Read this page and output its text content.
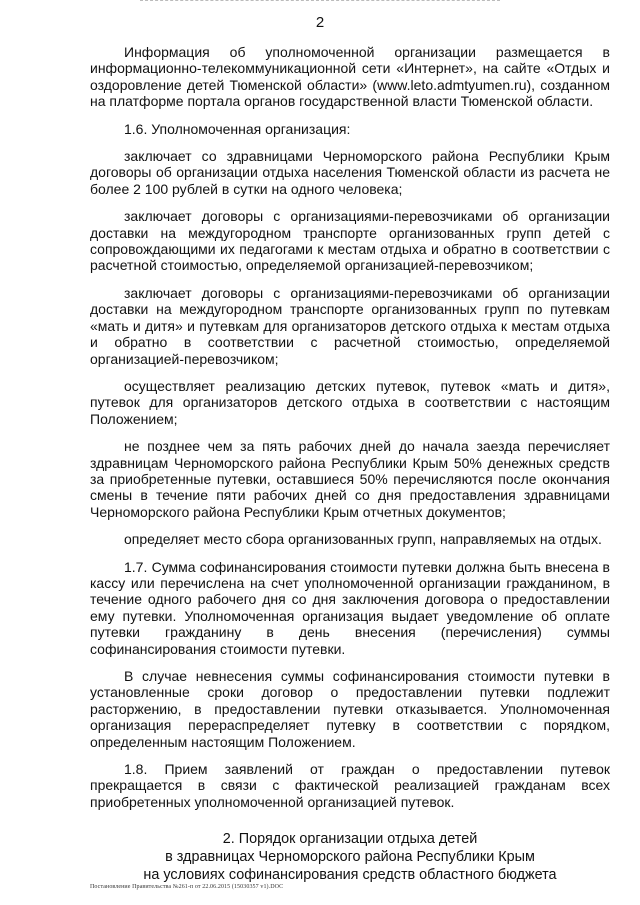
2

Информация об уполномоченной организации размещается в информационно-телекоммуникационной сети «Интернет», на сайте «Отдых и оздоровление детей Тюменской области» (www.leto.admtyumen.ru), созданном на платформе портала органов государственной власти Тюменской области.

1.6. Уполномоченная организация:

заключает со здравницами Черноморского района Республики Крым договоры об организации отдыха населения Тюменской области из расчета не более 2 100 рублей в сутки на одного человека;

заключает договоры с организациями-перевозчиками об организации доставки на междугородном транспорте организованных групп детей с сопровождающими их педагогами к местам отдыха и обратно в соответствии с расчетной стоимостью, определяемой организацией-перевозчиком;

заключает договоры с организациями-перевозчиками об организации доставки на междугородном транспорте организованных групп по путевкам «мать и дитя» и путевкам для организаторов детского отдыха к местам отдыха и обратно в соответствии с расчетной стоимостью, определяемой организацией-перевозчиком;

осуществляет реализацию детских путевок, путевок «мать и дитя», путевок для организаторов детского отдыха в соответствии с настоящим Положением;

не позднее чем за пять рабочих дней до начала заезда перечисляет здравницам Черноморского района Республики Крым 50% денежных средств за приобретенные путевки, оставшиеся 50% перечисляются после окончания смены в течение пяти рабочих дней со дня предоставления здравницами Черноморского района Республики Крым отчетных документов;

определяет место сбора организованных групп, направляемых на отдых.

1.7. Сумма софинансирования стоимости путевки должна быть внесена в кассу или перечислена на счет уполномоченной организации гражданином, в течение одного рабочего дня со дня заключения договора о предоставлении ему путевки. Уполномоченная организация выдает уведомление об оплате путевки гражданину в день внесения (перечисления) суммы софинансирования стоимости путевки.

В случае невнесения суммы софинансирования стоимости путевки в установленные сроки договор о предоставлении путевки подлежит расторжению, в предоставлении путевки отказывается. Уполномоченная организация перераспределяет путевку в соответствии с порядком, определенным настоящим Положением.

1.8. Прием заявлений от граждан о предоставлении путевок прекращается в связи с фактической реализацией гражданам всех приобретенных уполномоченной организацией путевок.

2. Порядок организации отдыха детей
в здравницах Черноморского района Республики Крым
на условиях софинансирования средств областного бюджета
Постановление Правительства №261-п от 22.06.2015 (15030357 v1).DOC
